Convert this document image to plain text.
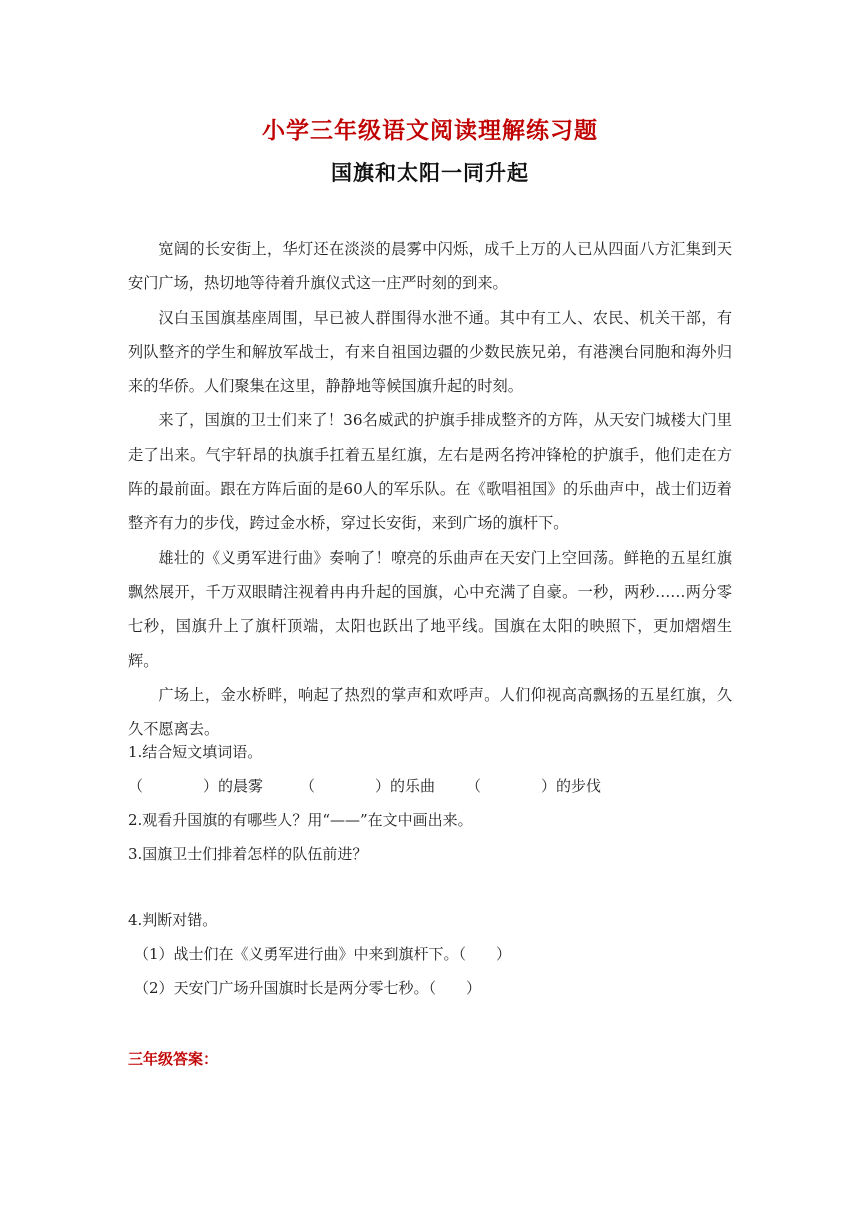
小学三年级语文阅读理解练习题
国旗和太阳一同升起

宽阔的长安街上，华灯还在淡淡的晨雾中闪烁，成千上万的人已从四面八方汇集到天安门广场，热切地等待着升旗仪式这一庄严时刻的到来。

汉白玉国旗基座周围，早已被人群围得水泄不通。其中有工人、农民、机关干部，有列队整齐的学生和解放军战士，有来自祖国边疆的少数民族兄弟，有港澳台同胞和海外归来的华侨。人们聚集在这里，静静地等候国旗升起的时刻。

来了，国旗的卫士们来了！36名威武的护旗手排成整齐的方阵，从天安门城楼大门里走了出来。气宇轩昂的执旗手扛着五星红旗，左右是两名挎冲锋枪的护旗手，他们走在方阵的最前面。跟在方阵后面的是60人的军乐队。在《歌唱祖国》的乐曲声中，战士们迈着整齐有力的步伐，跨过金水桥，穿过长安街，来到广场的旗杆下。

雄壮的《义勇军进行曲》奏响了！嘹亮的乐曲声在天安门上空回荡。鲜艳的五星红旗飘然展开，千万双眼睛注视着冉冉升起的国旗，心中充满了自豪。一秒，两秒……两分零七秒，国旗升上了旗杆顶端，太阳也跃出了地平线。国旗在太阳的映照下，更加熠熠生辉。

广场上，金水桥畔，响起了热烈的掌声和欢呼声。人们仰视高高飘扬的五星红旗，久久不愿离去。

1.结合短文填词语。
（　　　　）的晨雾 （　　　　）的乐曲 （　　　　）的步伐
2.观看升国旗的有哪些人？用“——”在文中画出来。
3.国旗卫士们排着怎样的队伍前进？
4.判断对错。
（1）战士们在《义勇军进行曲》中来到旗杆下。（　　）
（2）天安门广场升国旗时长是两分零七秒。（　　）
三年级答案：
